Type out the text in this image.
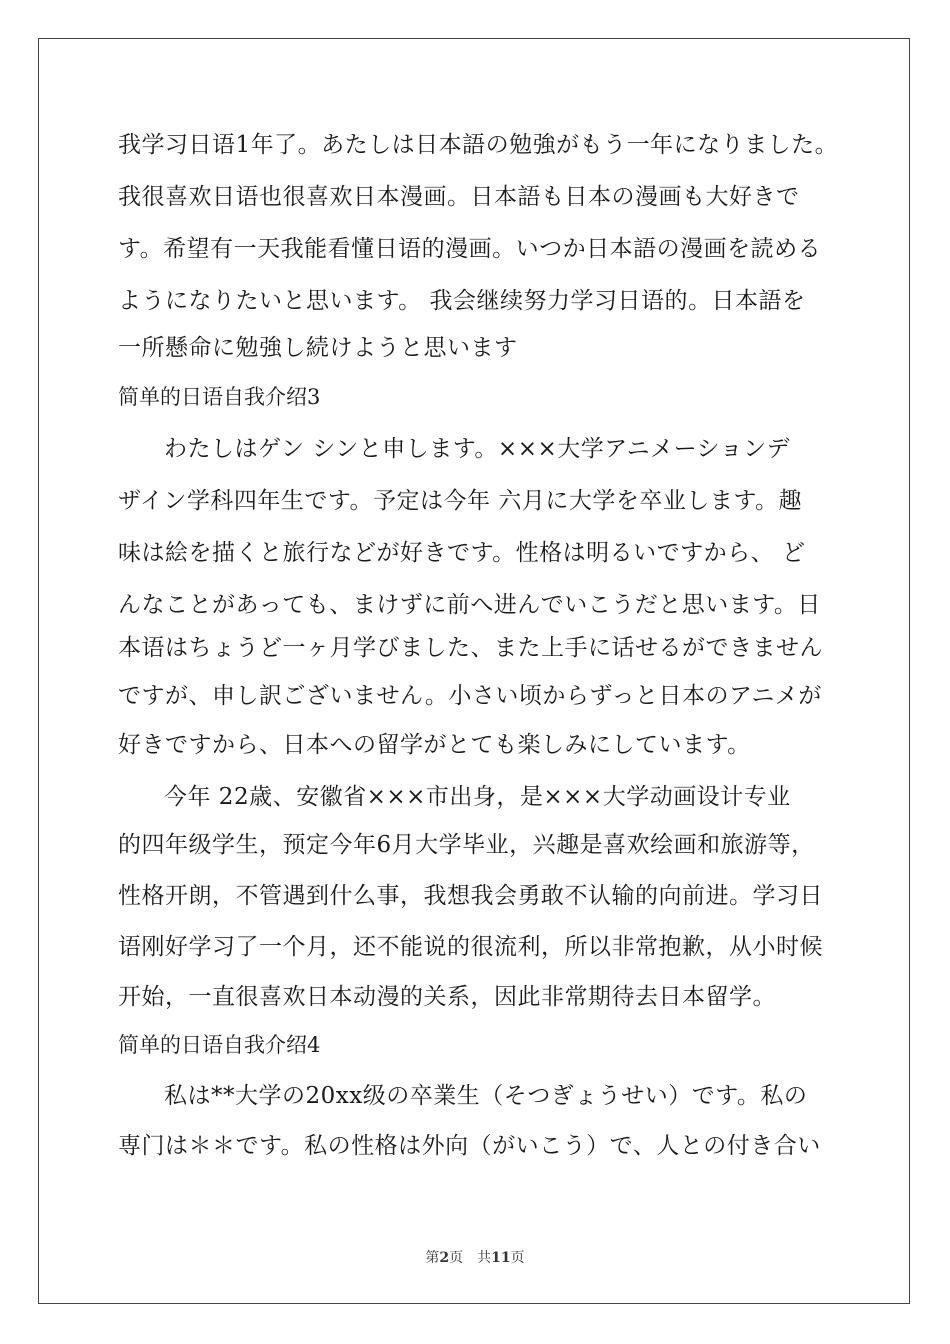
我学习日语1年了。あたしは日本語の勉強がもう一年になりました。
我很喜欢日语也很喜欢日本漫画。日本語も日本の漫画も大好きで
す。希望有一天我能看懂日语的漫画。いつか日本語の漫画を読める
ようになりたいと思います。 我会继续努力学习日语的。日本語を
一所懸命に勉強し続けようと思います
简单的日语自我介绍3
わたしはゲン シンと申します。×××大学アニメーションデ
ザイン学科四年生です。予定は今年 六月に大学を卒业します。趣
味は絵を描くと旅行などが好きです。性格は明るいですから、 ど
んなことがあっても、まけずに前へ进んでいこうだと思います。日
本语はちょうど一ヶ月学びました、また上手に话せるができません
ですが、申し訳ございません。小さい顷からずっと日本のアニメが
好きですから、日本への留学がとても楽しみにしています。
今年 22歳、安徽省×××市出身，是×××大学动画设计专业
的四年级学生，预定今年6月大学毕业，兴趣是喜欢绘画和旅游等，
性格开朗，不管遇到什么事，我想我会勇敢不认输的向前进。学习日
语刚好学习了一个月，还不能说的很流利，所以非常抱歉，从小时候
开始，一直很喜欢日本动漫的关系，因此非常期待去日本留学。
简单的日语自我介绍4
私は**大学の20xx级の卒業生（そつぎょうせい）です。私の
専门は＊＊です。私の性格は外向（がいこう）で、人との付き合い
第2页　共11页
